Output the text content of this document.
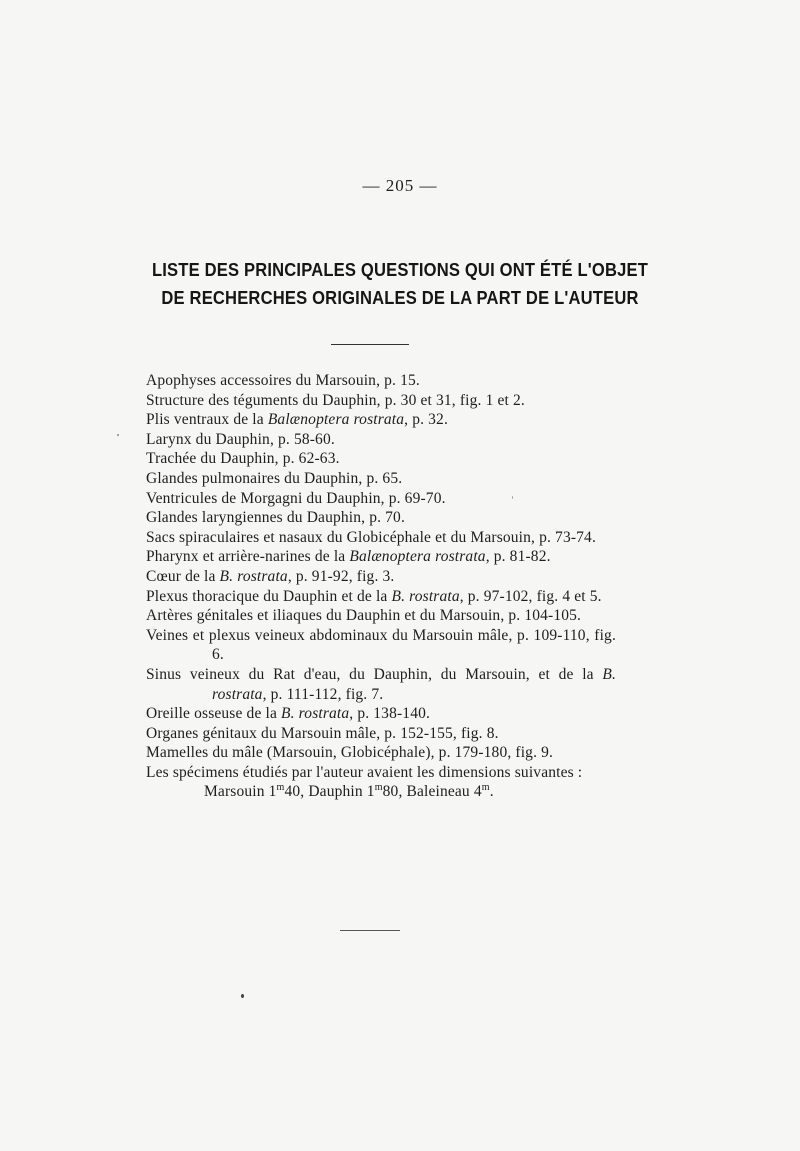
— 205 —
LISTE DES PRINCIPALES QUESTIONS QUI ONT ÉTÉ L'OBJET
DE RECHERCHES ORIGINALES DE LA PART DE L'AUTEUR
Apophyses accessoires du Marsouin, p. 15.
Structure des téguments du Dauphin, p. 30 et 31, fig. 1 et 2.
Plis ventraux de la Balænoptera rostrata, p. 32.
Larynx du Dauphin, p. 58-60.
Trachée du Dauphin, p. 62-63.
Glandes pulmonaires du Dauphin, p. 65.
Ventricules de Morgagni du Dauphin, p. 69-70.
Glandes laryngiennes du Dauphin, p. 70.
Sacs spiraculaires et nasaux du Globicéphale et du Marsouin, p. 73-74.
Pharynx et arrière-narines de la Balænoptera rostrata, p. 81-82.
Cœur de la B. rostrata, p. 91-92, fig. 3.
Plexus thoracique du Dauphin et de la B. rostrata, p. 97-102, fig. 4 et 5.
Artères génitales et iliaques du Dauphin et du Marsouin, p. 104-105.
Veines et plexus veineux abdominaux du Marsouin mâle, p. 109-110, fig. 6.
Sinus veineux du Rat d'eau, du Dauphin, du Marsouin, et de la B. rostrata, p. 111-112, fig. 7.
Oreille osseuse de la B. rostrata, p. 138-140.
Organes génitaux du Marsouin mâle, p. 152-155, fig. 8.
Mamelles du mâle (Marsouin, Globicéphale), p. 179-180, fig. 9.
Les spécimens étudiés par l'auteur avaient les dimensions suivantes :
Marsouin 1$^m$40, Dauphin 1$^m$80, Baleineau 4$^m$.
